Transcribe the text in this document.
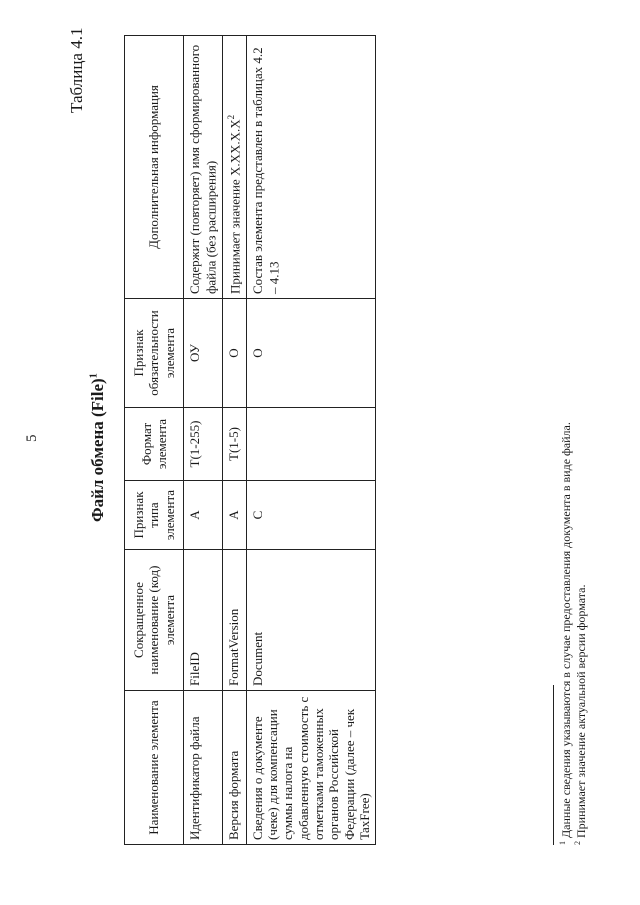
5
Таблица 4.1
Файл обмена (File)$^1$
Наименование элемента	Сокращенное наименование (код) элемента	Признак типа элемента	Формат элемента	Признак обязательности элемента	Дополнительная информация
Идентификатор файла	FileID	А	T(1-255)	ОУ	Содержит (повторяет) имя сформированного файла (без расширения)
Версия формата	FormatVersion	А	T(1-5)	О	Принимает значение $X.XX.X.X^2$
Сведения о документе (чеке) для компенсации суммы налога на добавленную стоимость с отметками таможенных органов Российской Федерации (далее – чек TaxFree)	Document	С		О	Состав элемента представлен в таблицах 4.2 – 4.13
$^1$ Данные сведения указываются в случае предоставления документа в виде файла.
$^2$ Принимает значение актуальной версии формата.
